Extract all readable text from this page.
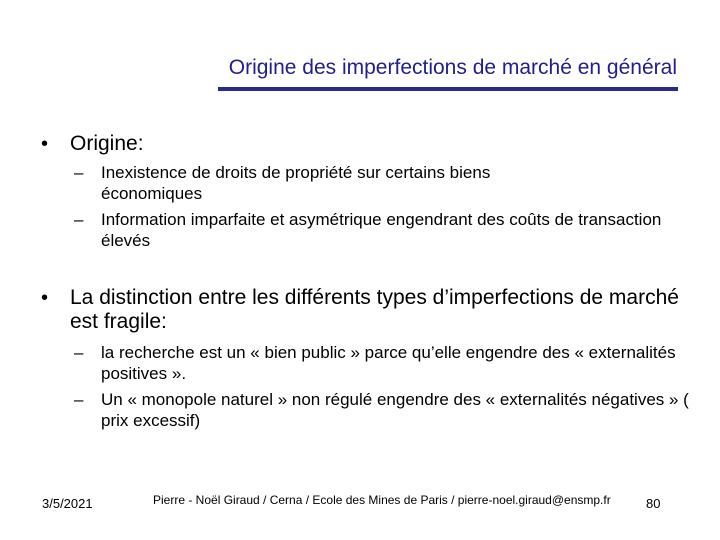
Origine des imperfections de marché en général
• Origine:
– Inexistence de droits de propriété sur certains biens économiques
– Information imparfaite et asymétrique engendrant des coûts de transaction élevés
• La distinction entre les différents types d’imperfections de marché est fragile:
– la recherche est un « bien public » parce qu’elle engendre des « externalités positives ».
– Un « monopole naturel » non régulé engendre des « externalités négatives » ( prix excessif)
3/5/2021	Pierre - Noël Giraud / Cerna / Ecole des Mines de Paris / pierre-noel.giraud@ensmp.fr	80
